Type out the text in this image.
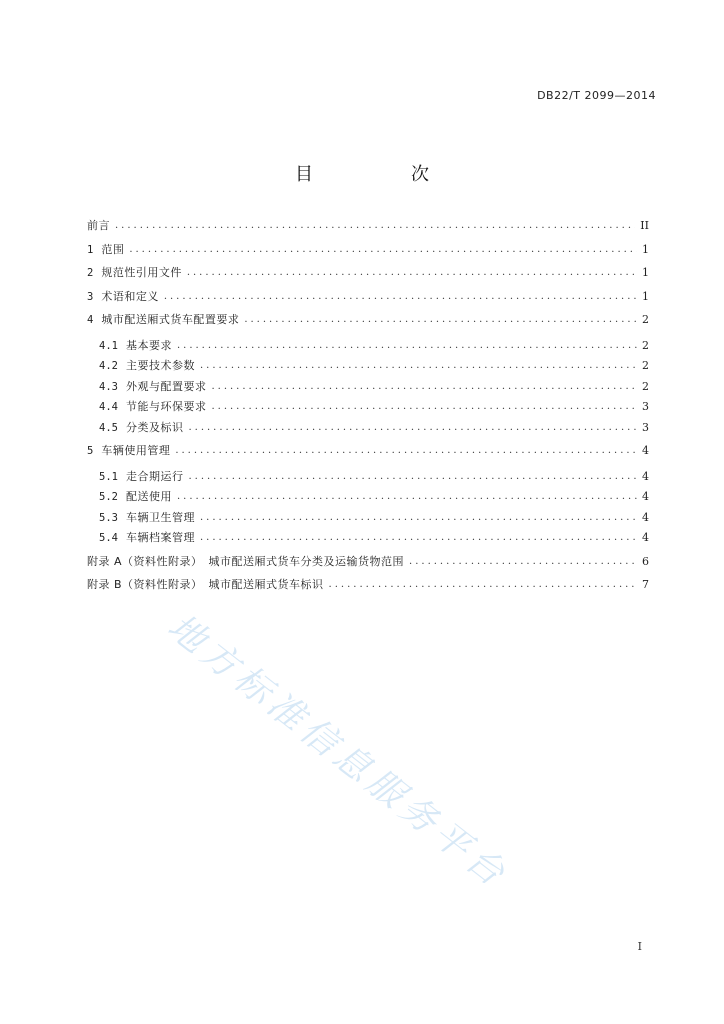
DB22/T 2099—2014
目　次
前言 .....	II
1 范围 .....	1
2 规范性引用文件 .....	1
3 术语和定义 .....	1
4 城市配送厢式货车配置要求 .....	2
4.1 基本要求 .....	2
4.2 主要技术参数 .....	2
4.3 外观与配置要求 .....	2
4.4 节能与环保要求 .....	3
4.5 分类及标识 .....	3
5 车辆使用管理 .....	4
5.1 走合期运行 .....	4
5.2 配送使用 .....	4
5.3 车辆卫生管理 .....	4
5.4 车辆档案管理 .....	4
附录 A（资料性附录）　城市配送厢式货车分类及运输货物范围 .....	6
附录 B（资料性附录）　城市配送厢式货车标识 .....	7
地方标准信息服务平台
I
